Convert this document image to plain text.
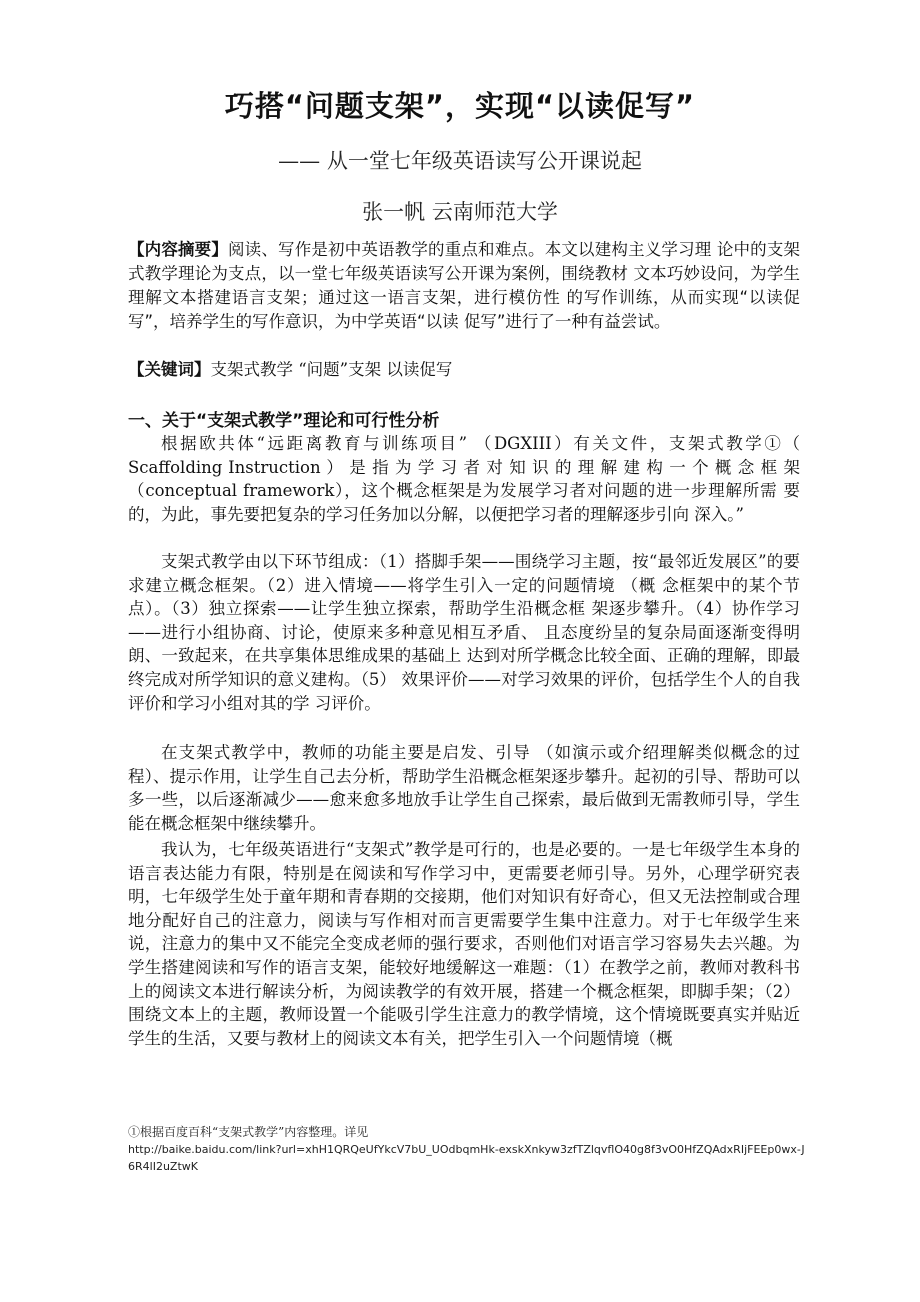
巧搭“问题支架”，实现“以读促写”
—— 从一堂七年级英语读写公开课说起
张一帆 云南师范大学
【内容摘要】阅读、写作是初中英语教学的重点和难点。本文以建构主义学习理 论中的支架式教学理论为支点，以一堂七年级英语读写公开课为案例，围绕教材 文本巧妙设问，为学生理解文本搭建语言支架；通过这一语言支架，进行模仿性 的写作训练，从而实现“以读促写”，培养学生的写作意识，为中学英语“以读 促写”进行了一种有益尝试。
【关键词】支架式教学 “问题”支架 以读促写
一、关于“支架式教学”理论和可行性分析

根据欧共体“远距离教育与训练项目” （DGXIII）有关文件，支架式教学①（ Scaffolding Instruction ） 是 指 为 学 习 者 对 知 识 的 理 解 建 构 一 个 概 念 框 架 （conceptual framework），这个概念框架是为发展学习者对问题的进一步理解所需 要的，为此，事先要把复杂的学习任务加以分解，以便把学习者的理解逐步引向 深入。”

支架式教学由以下环节组成：（1）搭脚手架——围绕学习主题，按“最邻近发展区”的要求建立概念框架。（2）进入情境——将学生引入一定的问题情境 （概 念框架中的某个节点）。（3）独立探索——让学生独立探索，帮助学生沿概念框 架逐步攀升。（4）协作学习——进行小组协商、讨论，使原来多种意见相互矛盾、 且态度纷呈的复杂局面逐渐变得明朗、一致起来，在共享集体思维成果的基础上 达到对所学概念比较全面、正确的理解，即最终完成对所学知识的意义建构。（5） 效果评价——对学习效果的评价，包括学生个人的自我评价和学习小组对其的学 习评价。

在支架式教学中，教师的功能主要是启发、引导 （如演示或介绍理解类似概念的过程）、提示作用，让学生自己去分析，帮助学生沿概念框架逐步攀升。起初的引导、帮助可以多一些，以后逐渐减少——愈来愈多地放手让学生自己探索，最后做到无需教师引导，学生能在概念框架中继续攀升。

我认为，七年级英语进行“支架式”教学是可行的，也是必要的。一是七年级学生本身的语言表达能力有限，特别是在阅读和写作学习中，更需要老师引导。另外，心理学研究表明，七年级学生处于童年期和青春期的交接期，他们对知识有好奇心，但又无法控制或合理地分配好自己的注意力，阅读与写作相对而言更需要学生集中注意力。对于七年级学生来说，注意力的集中又不能完全变成老师的强行要求，否则他们对语言学习容易失去兴趣。为学生搭建阅读和写作的语言支架，能较好地缓解这一难题：（1）在教学之前，教师对教科书上的阅读文本进行解读分析，为阅读教学的有效开展，搭建一个概念框架，即脚手架；（2）围绕文本上的主题，教师设置一个能吸引学生注意力的教学情境，这个情境既要真实并贴近学生的生活，又要与教材上的阅读文本有关，把学生引入一个问题情境（概

①根据百度百科“支架式教学”内容整理。详见
http://baike.baidu.com/link?url=xhH1QRQeUfYkcV7bU_UOdbqmHk-exskXnkyw3zfTZlqvflO40g8f3vO0HfZQAdxRIjFEEp0wx-J6R4lI2uZtwK
